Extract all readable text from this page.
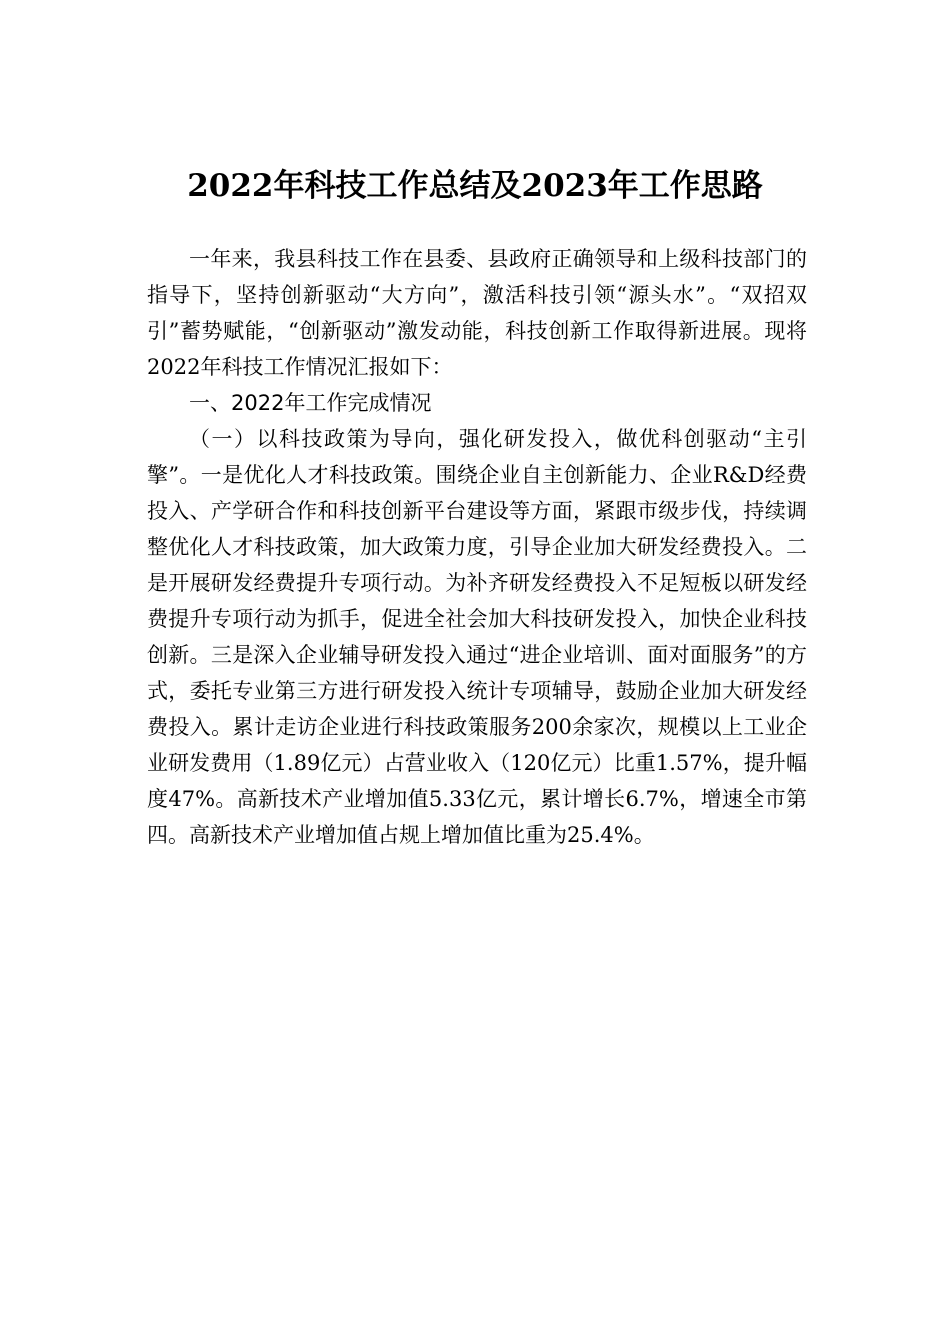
2022年科技工作总结及2023年工作思路

一年来，我县科技工作在县委、县政府正确领导和上级科技部门的指导下，坚持创新驱动“大方向”，激活科技引领“源头水”。“双招双引”蓄势赋能，“创新驱动”激发动能，科技创新工作取得新进展。现将2022年科技工作情况汇报如下：

一、2022年工作完成情况

（一）以科技政策为导向，强化研发投入，做优科创驱动“主引擎”。一是优化人才科技政策。围绕企业自主创新能力、企业R&D经费投入、产学研合作和科技创新平台建设等方面，紧跟市级步伐，持续调整优化人才科技政策，加大政策力度，引导企业加大研发经费投入。二是开展研发经费提升专项行动。为补齐研发经费投入不足短板以研发经费提升专项行动为抓手，促进全社会加大科技研发投入，加快企业科技创新。三是深入企业辅导研发投入通过“进企业培训、面对面服务”的方式，委托专业第三方进行研发投入统计专项辅导，鼓励企业加大研发经费投入。累计走访企业进行科技政策服务200余家次，规模以上工业企业研发费用（1.89亿元）占营业收入（120亿元）比重1.57%，提升幅度47%。高新技术产业增加值5.33亿元，累计增长6.7%，增速全市第四。高新技术产业增加值占规上增加值比重为25.4%。
